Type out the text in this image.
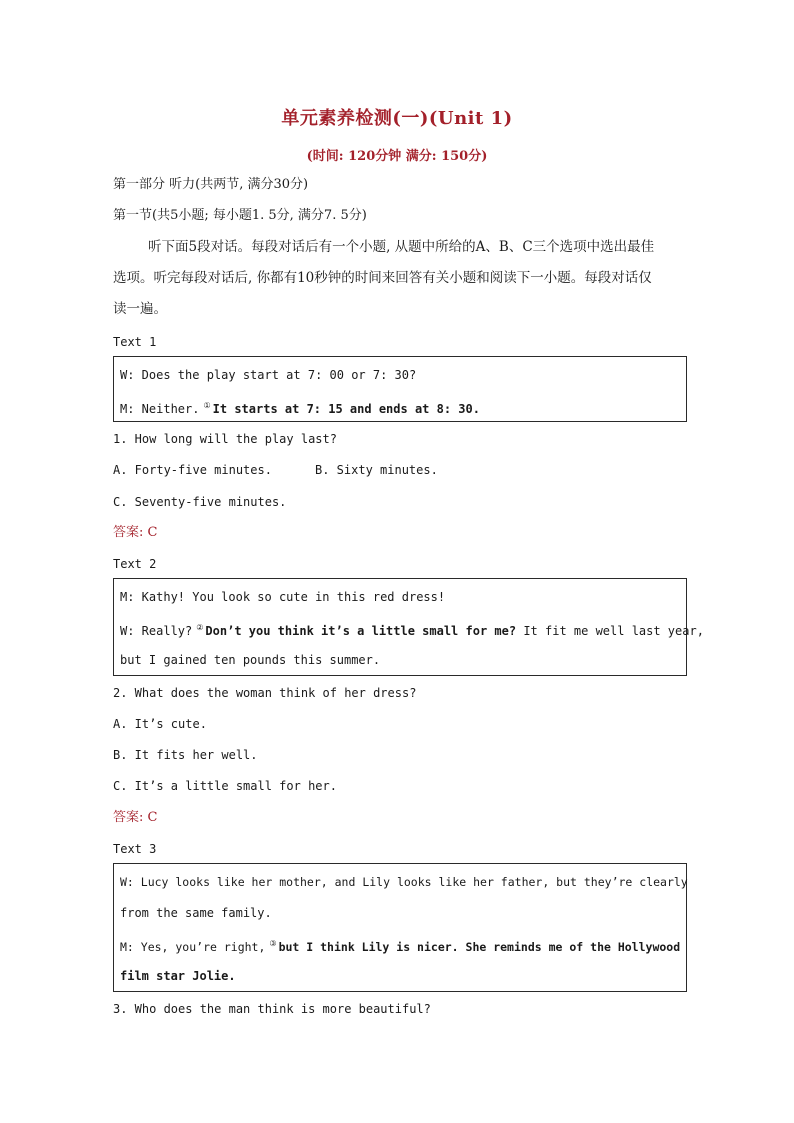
单元素养检测(一)(Unit 1)
(时间: 120分钟 满分: 150分)
第一部分 听力(共两节, 满分30分)
第一节(共5小题; 每小题1. 5分, 满分7. 5分)
听下面5段对话。每段对话后有一个小题, 从题中所给的A、B、C三个选项中选出最佳
选项。听完每段对话后, 你都有10秒钟的时间来回答有关小题和阅读下一小题。每段对话仅
读一遍。
Text 1
W: Does the play start at 7: 00 or 7: 30?
M: Neither. ① It starts at 7: 15 and ends at 8: 30.
1. How long will the play last?
A. Forty-five minutes.	B. Sixty minutes.
C. Seventy-five minutes.
答案: C
Text 2
M: Kathy! You look so cute in this red dress!
W: Really? ② Don’t you think it’s a little small for me? It fit me well last year,
but I gained ten pounds this summer.
2. What does the woman think of her dress?
A. It’s cute.
B. It fits her well.
C. It’s a little small for her.
答案: C
Text 3
W: Lucy looks like her mother, and Lily looks like her father, but they’re clearly
from the same family.
M: Yes, you’re right, ③ but I think Lily is nicer. She reminds me of the Hollywood
film star Jolie.
3. Who does the man think is more beautiful?
